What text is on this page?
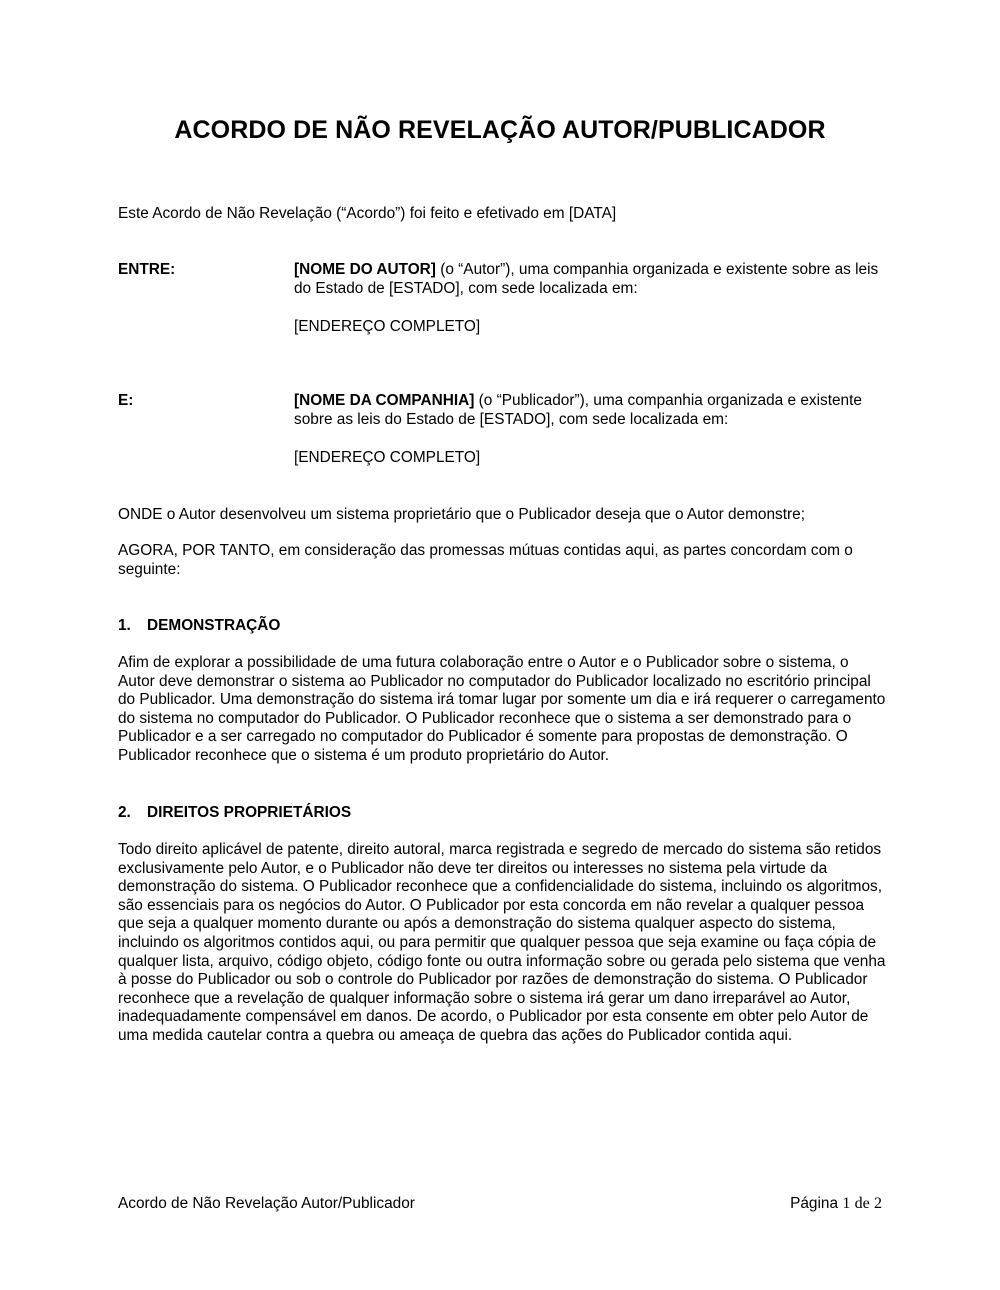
ACORDO DE NÃO REVELAÇÃO AUTOR/PUBLICADOR

Este Acordo de Não Revelação (“Acordo”) foi feito e efetivado em [DATA]

ENTRE:	[NOME DO AUTOR] (o “Autor”), uma companhia organizada e existente sobre as leis do Estado de [ESTADO], com sede localizada em:

[ENDEREÇO COMPLETO]

E:	[NOME DA COMPANHIA] (o “Publicador”), uma companhia organizada e existente sobre as leis do Estado de [ESTADO], com sede localizada em:

[ENDEREÇO COMPLETO]

ONDE o Autor desenvolveu um sistema proprietário que o Publicador deseja que o Autor demonstre;

AGORA, POR TANTO, em consideração das promessas mútuas contidas aqui, as partes concordam com o seguinte:

1. DEMONSTRAÇÃO

Afim de explorar a possibilidade de uma futura colaboração entre o Autor e o Publicador sobre o sistema, o Autor deve demonstrar o sistema ao Publicador no computador do Publicador localizado no escritório principal do Publicador. Uma demonstração do sistema irá tomar lugar por somente um dia e irá requerer o carregamento do sistema no computador do Publicador. O Publicador reconhece que o sistema a ser demonstrado para o Publicador e a ser carregado no computador do Publicador é somente para propostas de demonstração. O Publicador reconhece que o sistema é um produto proprietário do Autor.

2. DIREITOS PROPRIETÁRIOS

Todo direito aplicável de patente, direito autoral, marca registrada e segredo de mercado do sistema são retidos exclusivamente pelo Autor, e o Publicador não deve ter direitos ou interesses no sistema pela virtude da demonstração do sistema. O Publicador reconhece que a confidencialidade do sistema, incluindo os algoritmos, são essenciais para os negócios do Autor. O Publicador por esta concorda em não revelar a qualquer pessoa que seja a qualquer momento durante ou após a demonstração do sistema qualquer aspecto do sistema, incluindo os algoritmos contidos aqui, ou para permitir que qualquer pessoa que seja examine ou faça cópia de qualquer lista, arquivo, código objeto, código fonte ou outra informação sobre ou gerada pelo sistema que venha à posse do Publicador ou sob o controle do Publicador por razões de demonstração do sistema. O Publicador reconhece que a revelação de qualquer informação sobre o sistema irá gerar um dano irreparável ao Autor, inadequadamente compensável em danos. De acordo, o Publicador por esta consente em obter pelo Autor de uma medida cautelar contra a quebra ou ameaça de quebra das ações do Publicador contida aqui.

Acordo de Não Revelação Autor/Publicador	Página 1 de 2
